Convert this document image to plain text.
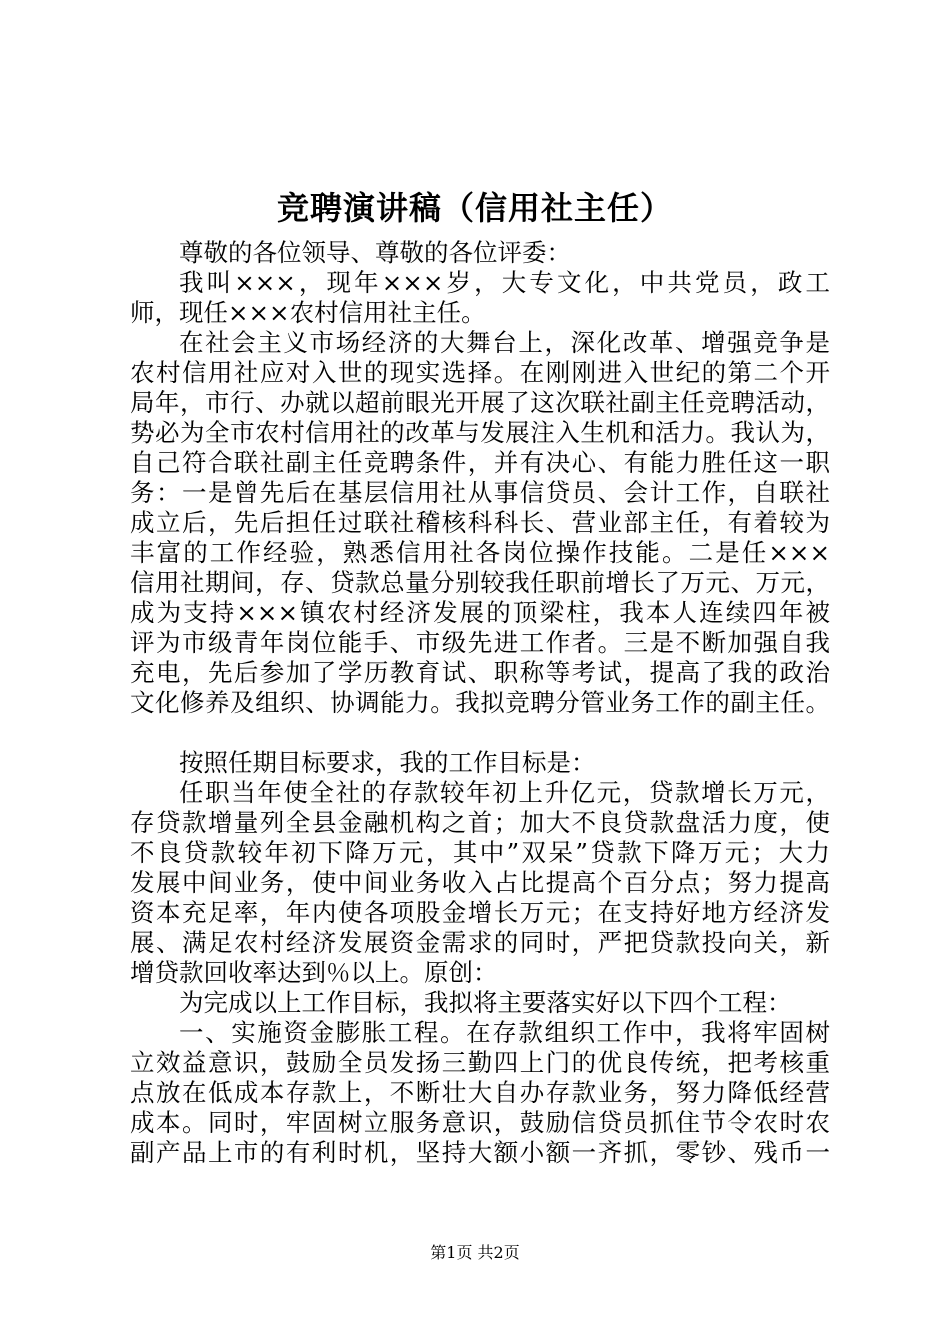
竞聘演讲稿（信用社主任）
尊敬的各位领导、尊敬的各位评委：
我叫×××，现年×××岁，大专文化，中共党员，政工
师，现任×××农村信用社主任。
在社会主义市场经济的大舞台上，深化改革、增强竞争是
农村信用社应对入世的现实选择。在刚刚进入世纪的第二个开
局年，市行、办就以超前眼光开展了这次联社副主任竞聘活动，
势必为全市农村信用社的改革与发展注入生机和活力。我认为，
自己符合联社副主任竞聘条件，并有决心、有能力胜任这一职
务：一是曾先后在基层信用社从事信贷员、会计工作，自联社
成立后，先后担任过联社稽核科科长、营业部主任，有着较为
丰富的工作经验，熟悉信用社各岗位操作技能。二是任×××
信用社期间，存、贷款总量分别较我任职前增长了万元、万元，
成为支持×××镇农村经济发展的顶梁柱，我本人连续四年被
评为市级青年岗位能手、市级先进工作者。三是不断加强自我
充电，先后参加了学历教育试、职称等考试，提高了我的政治
文化修养及组织、协调能力。我拟竞聘分管业务工作的副主任。
按照任期目标要求，我的工作目标是：
任职当年使全社的存款较年初上升亿元，贷款增长万元，
存贷款增量列全县金融机构之首；加大不良贷款盘活力度，使
不良贷款较年初下降万元，其中”双呆”贷款下降万元；大力
发展中间业务，使中间业务收入占比提高个百分点；努力提高
资本充足率，年内使各项股金增长万元；在支持好地方经济发
展、满足农村经济发展资金需求的同时，严把贷款投向关，新
增贷款回收率达到％以上。原创：
为完成以上工作目标，我拟将主要落实好以下四个工程：
一、实施资金膨胀工程。在存款组织工作中，我将牢固树
立效益意识，鼓励全员发扬三勤四上门的优良传统，把考核重
点放在低成本存款上，不断壮大自办存款业务，努力降低经营
成本。同时，牢固树立服务意识，鼓励信贷员抓住节令农时农
副产品上市的有利时机，坚持大额小额一齐抓，零钞、残币一
第1页 共2页
